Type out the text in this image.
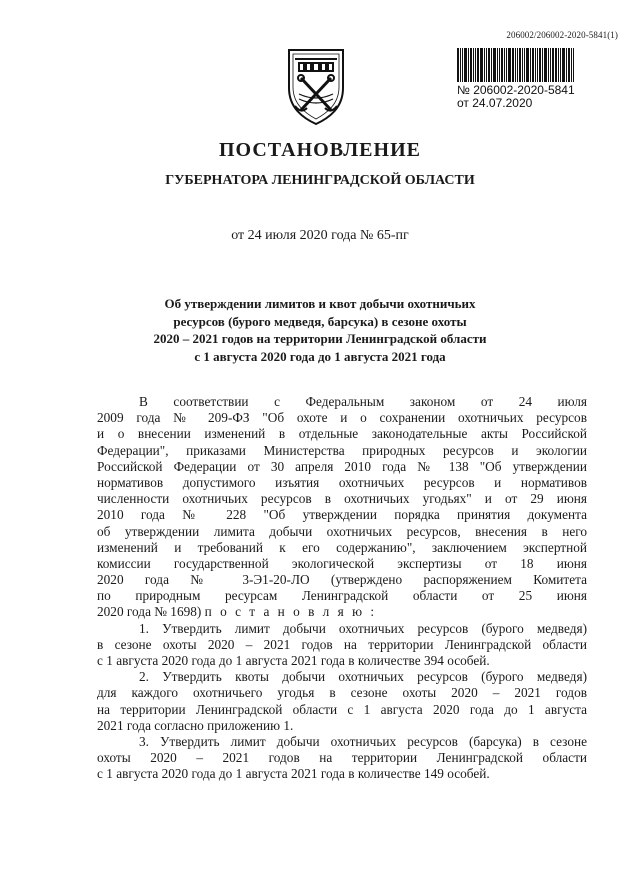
206002/206002-2020-5841(1)
№ 206002-2020-5841
от 24.07.2020
ПОСТАНОВЛЕНИЕ
ГУБЕРНАТОРА ЛЕНИНГРАДСКОЙ ОБЛАСТИ
от 24 июля 2020 года № 65-пг
Об утверждении лимитов и квот добычи охотничьих
ресурсов (бурого медведя, барсука) в сезоне охоты
2020 – 2021 годов на территории Ленинградской области
с 1 августа 2020 года до 1 августа 2021 года
В соответствии с Федеральным законом от 24 июля
2009 года № 209-ФЗ "Об охоте и о сохранении охотничьих ресурсов
и о внесении изменений в отдельные законодательные акты Российской
Федерации", приказами Министерства природных ресурсов и экологии
Российской Федерации от 30 апреля 2010 года № 138 "Об утверждении
нормативов допустимого изъятия охотничьих ресурсов и нормативов
численности охотничьих ресурсов в охотничьих угодьях" и от 29 июня
2010 года № 228 "Об утверждении порядка принятия документа
об утверждении лимита добычи охотничьих ресурсов, внесения в него
изменений и требований к его содержанию", заключением экспертной
комиссии государственной экологической экспертизы от 18 июня
2020 года № 3-Э1-20-ЛО (утверждено распоряжением Комитета
по природным ресурсам Ленинградской области от 25 июня
2020 года № 1698) п о с т а н о в л я ю :
1. Утвердить лимит добычи охотничьих ресурсов (бурого медведя)
в сезоне охоты 2020 – 2021 годов на территории Ленинградской области
с 1 августа 2020 года до 1 августа 2021 года в количестве 394 особей.
2. Утвердить квоты добычи охотничьих ресурсов (бурого медведя)
для каждого охотничьего угодья в сезоне охоты 2020 – 2021 годов
на территории Ленинградской области с 1 августа 2020 года до 1 августа
2021 года согласно приложению 1.
3. Утвердить лимит добычи охотничьих ресурсов (барсука) в сезоне
охоты 2020 – 2021 годов на территории Ленинградской области
с 1 августа 2020 года до 1 августа 2021 года в количестве 149 особей.
